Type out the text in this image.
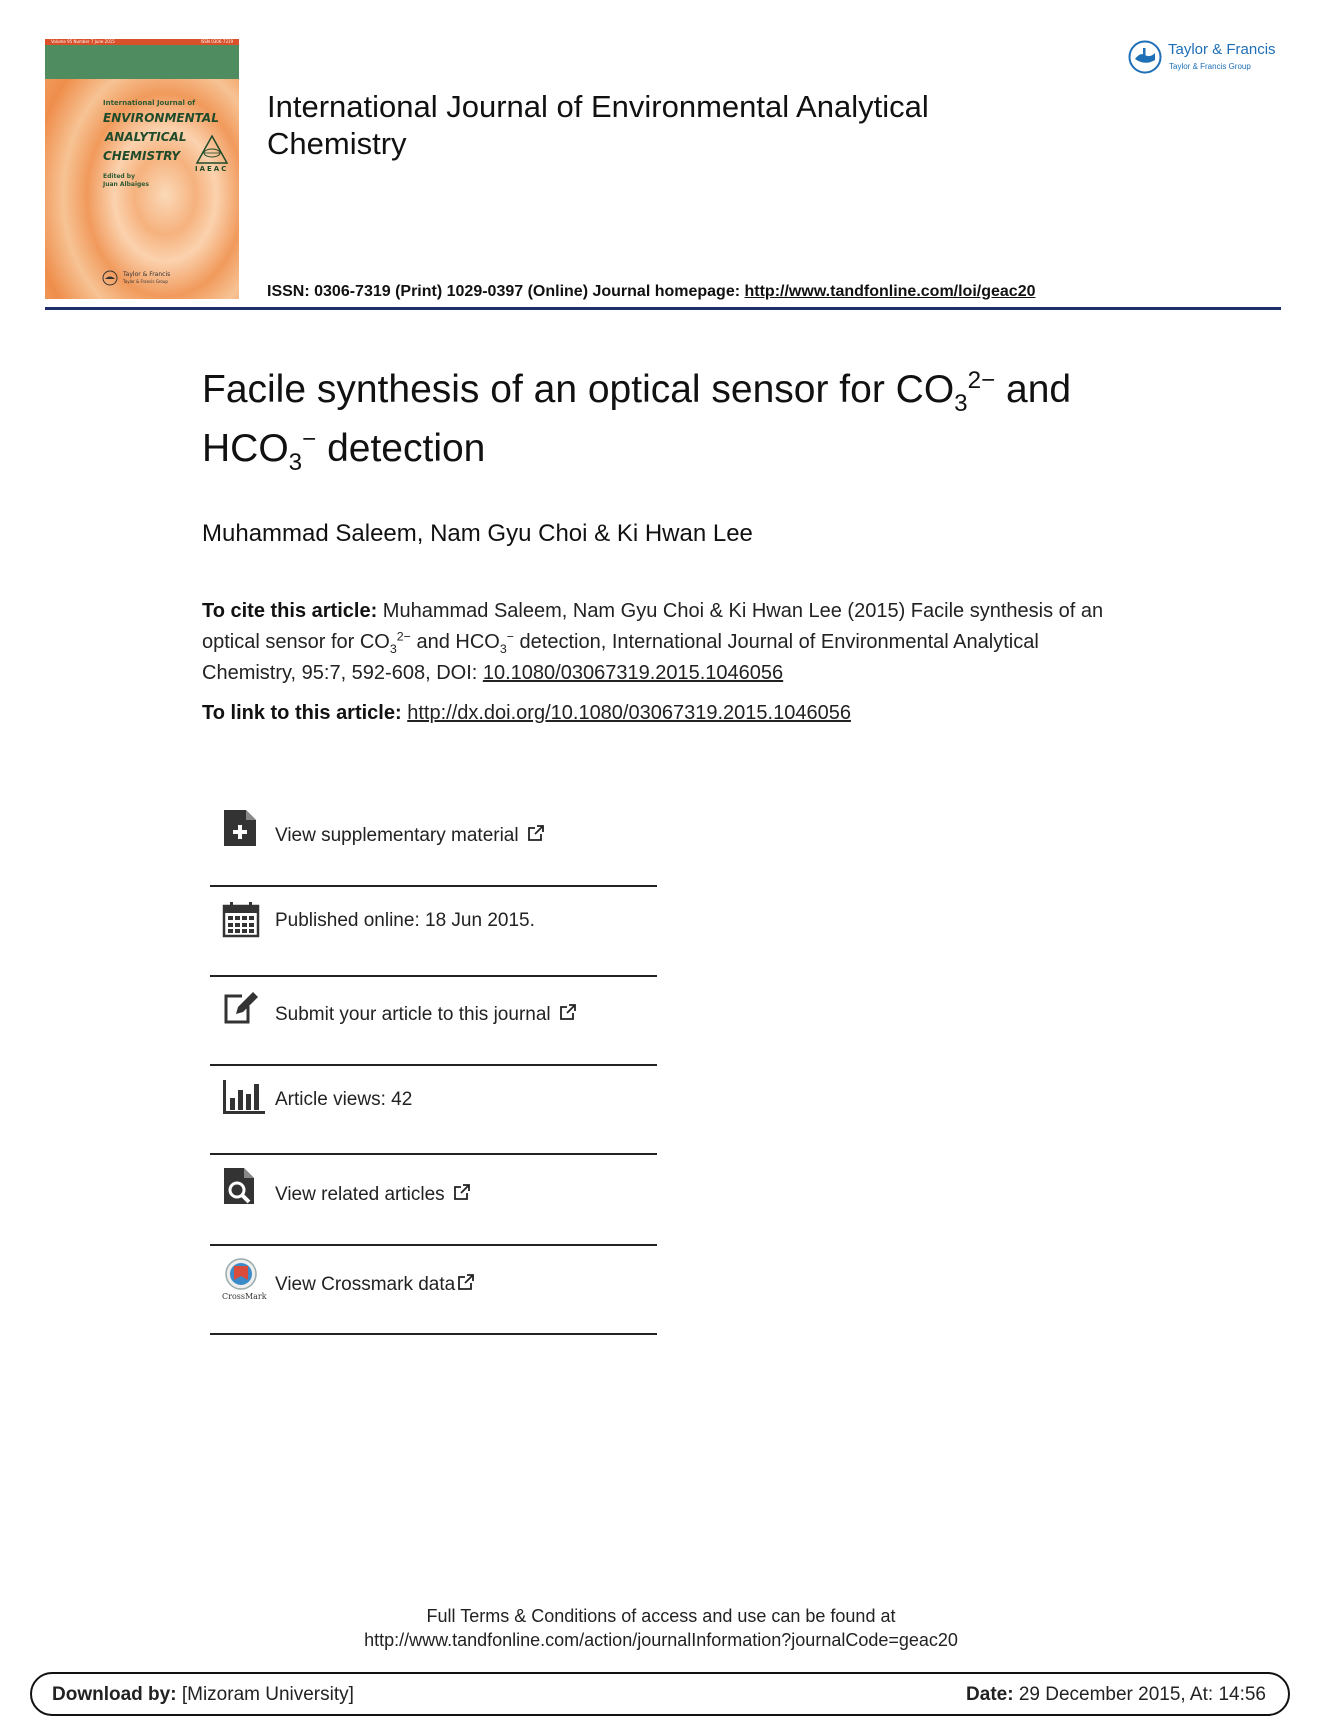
Volume 95 Number 7 June 2015	ISSN 0306-7319
International Journal of
ENVIRONMENTAL
ANALYTICAL
CHEMISTRY
IAEAC
Edited by
Juan Albaiges
Taylor & Francis
Taylor & Francis Group
International Journal of Environmental Analytical Chemistry
ISSN: 0306-7319 (Print) 1029-0397 (Online) Journal homepage: http://www.tandfonline.com/loi/geac20
Taylor & Francis
Taylor & Francis Group
Facile synthesis of an optical sensor for $CO_3^{2-}$ and
$HCO_3^-$ detection
Muhammad Saleem, Nam Gyu Choi & Ki Hwan Lee
To cite this article: Muhammad Saleem, Nam Gyu Choi & Ki Hwan Lee (2015) Facile synthesis of an optical sensor for $CO_3^{2-}$ and $HCO_3^-$ detection, International Journal of Environmental Analytical Chemistry, 95:7, 592-608, DOI: 10.1080/03067319.2015.1046056
To link to this article: http://dx.doi.org/10.1080/03067319.2015.1046056
View supplementary material
Published online: 18 Jun 2015.
Submit your article to this journal
Article views: 42
View related articles
CrossMark
View Crossmark data
Full Terms & Conditions of access and use can be found at
http://www.tandfonline.com/action/journalInformation?journalCode=geac20
Download by: [Mizoram University]	Date: 29 December 2015, At: 14:56
